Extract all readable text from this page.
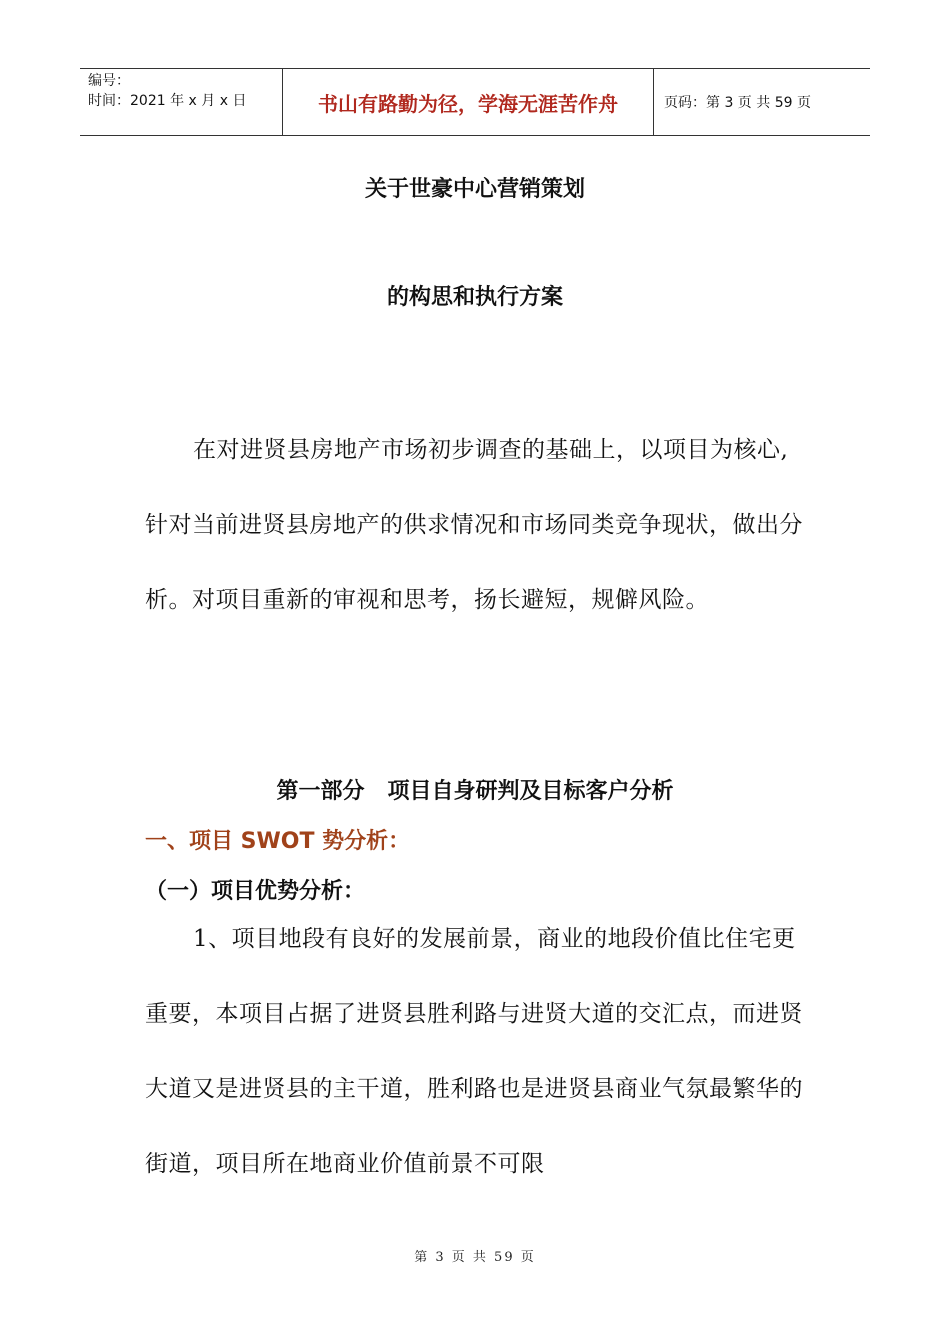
编号：
时间：2021 年 x 月 x 日	书山有路勤为径，学海无涯苦作舟	页码：第 3 页 共 59 页
关于世豪中心营销策划
的构思和执行方案

在对进贤县房地产市场初步调查的基础上，以项目为核心,针对当前进贤县房地产的供求情况和市场同类竞争现状，做出分析。对项目重新的审视和思考，扬长避短，规僻风险。

第一部分   项目自身研判及目标客户分析
一、项目 SWOT 势分析：
（一）项目优势分析：

1、项目地段有良好的发展前景，商业的地段价值比住宅更重要，本项目占据了进贤县胜利路与进贤大道的交汇点，而进贤大道又是进贤县的主干道，胜利路也是进贤县商业气氛最繁华的街道，项目所在地商业价值前景不可限

第 3 页 共 59 页
